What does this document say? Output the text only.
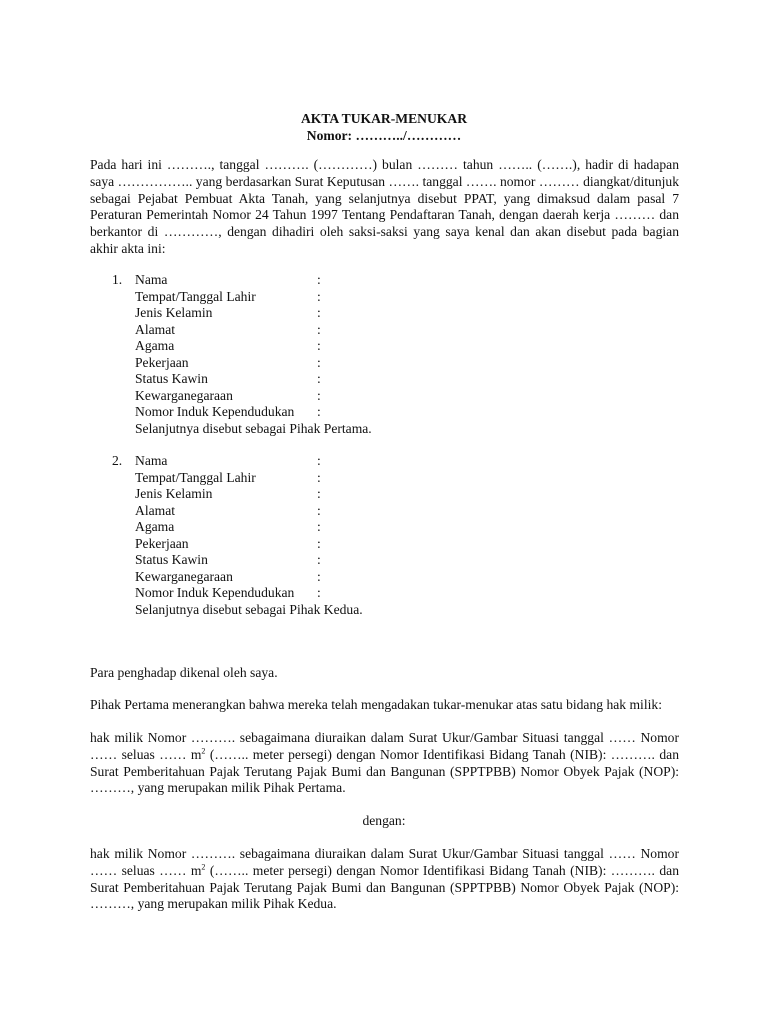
AKTA TUKAR-MENUKAR
Nomor: ………../…………

Pada hari ini ………., tanggal ………. (…………) bulan ……… tahun …….. (…….), hadir di hadapan saya …………….. yang berdasarkan Surat Keputusan ……. tanggal ……. nomor ……… diangkat/ditunjuk sebagai Pejabat Pembuat Akta Tanah, yang selanjutnya disebut PPAT, yang dimaksud dalam pasal 7 Peraturan Pemerintah Nomor 24 Tahun 1997 Tentang Pendaftaran Tanah, dengan daerah kerja ……… dan berkantor di …………, dengan dihadiri oleh saksi-saksi yang saya kenal dan akan disebut pada bagian akhir akta ini:

1. Nama	:
Tempat/Tanggal Lahir	:
Jenis Kelamin	:
Alamat	:
Agama	:
Pekerjaan	:
Status Kawin	:
Kewarganegaraan	:
Nomor Induk Kependudukan :
Selanjutnya disebut sebagai Pihak Pertama.
2. Nama	:
Tempat/Tanggal Lahir	:
Jenis Kelamin	:
Alamat	:
Agama	:
Pekerjaan	:
Status Kawin	:
Kewarganegaraan	:
Nomor Induk Kependudukan :
Selanjutnya disebut sebagai Pihak Kedua.

Para penghadap dikenal oleh saya.

Pihak Pertama menerangkan bahwa mereka telah mengadakan tukar-menukar atas satu bidang hak milik:

hak milik Nomor ………. sebagaimana diuraikan dalam Surat Ukur/Gambar Situasi tanggal …… Nomor …… seluas …… $m^2$ (…….. meter persegi) dengan Nomor Identifikasi Bidang Tanah (NIB): ………. dan Surat Pemberitahuan Pajak Terutang Pajak Bumi dan Bangunan (SPPTPBB) Nomor Obyek Pajak (NOP): ………, yang merupakan milik Pihak Pertama.

dengan:

hak milik Nomor ………. sebagaimana diuraikan dalam Surat Ukur/Gambar Situasi tanggal …… Nomor …… seluas …… $m^2$ (…….. meter persegi) dengan Nomor Identifikasi Bidang Tanah (NIB): ………. dan Surat Pemberitahuan Pajak Terutang Pajak Bumi dan Bangunan (SPPTPBB) Nomor Obyek Pajak (NOP): ………, yang merupakan milik Pihak Kedua.
